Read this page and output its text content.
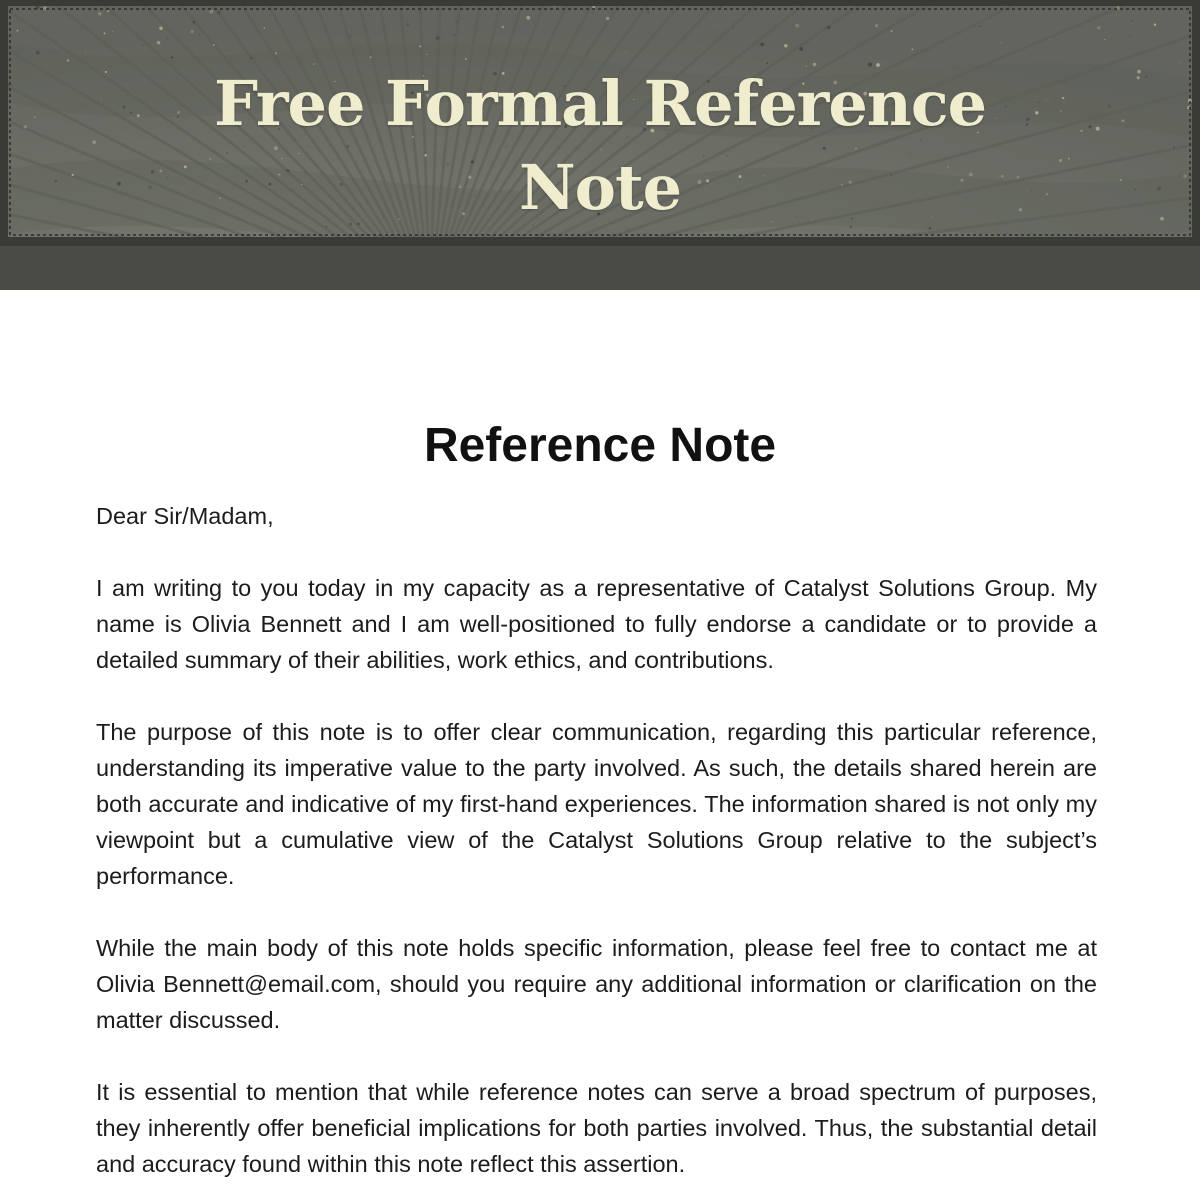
Free Formal Reference
Note
Reference Note

Dear Sir/Madam,

I am writing to you today in my capacity as a representative of Catalyst Solutions Group. My name is Olivia Bennett and I am well-positioned to fully endorse a candidate or to provide a detailed summary of their abilities, work ethics, and contributions.

The purpose of this note is to offer clear communication, regarding this particular reference, understanding its imperative value to the party involved. As such, the details shared herein are both accurate and indicative of my first-hand experiences. The information shared is not only my viewpoint but a cumulative view of the Catalyst Solutions Group relative to the subject’s performance.

While the main body of this note holds specific information, please feel free to contact me at Olivia Bennett@email.com, should you require any additional information or clarification on the matter discussed.

It is essential to mention that while reference notes can serve a broad spectrum of purposes, they inherently offer beneficial implications for both parties involved. Thus, the substantial detail and accuracy found within this note reflect this assertion.
